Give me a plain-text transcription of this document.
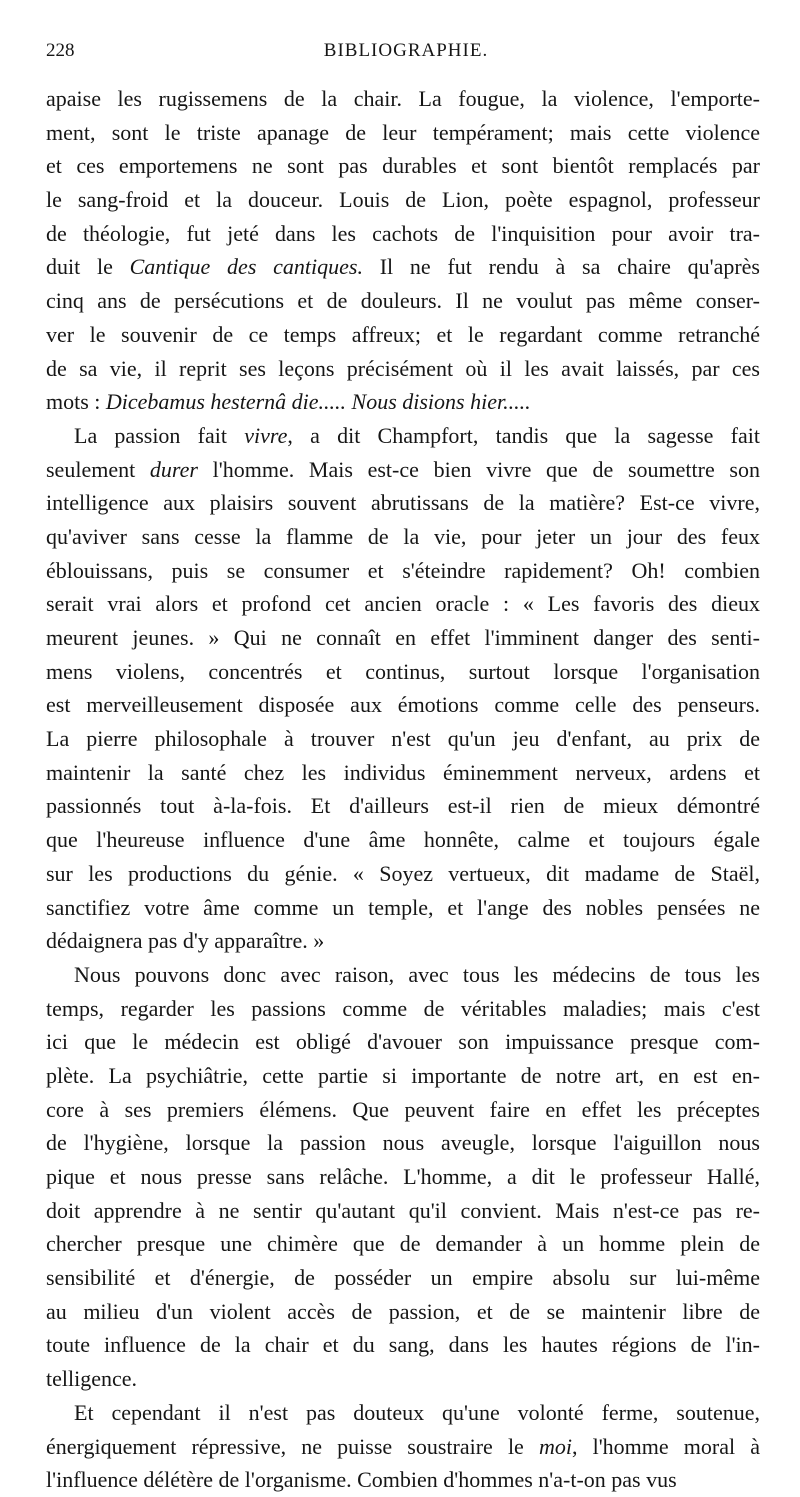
228	BIBLIOGRAPHIE.
apaise les rugissemens de la chair. La fougue, la violence, l'emporte-
ment, sont le triste apanage de leur tempérament; mais cette violence
et ces emportemens ne sont pas durables et sont bientôt remplacés par
le sang-froid et la douceur. Louis de Lion, poète espagnol, professeur
de théologie, fut jeté dans les cachots de l'inquisition pour avoir tra-
duit le Cantique des cantiques. Il ne fut rendu à sa chaire qu'après
cinq ans de persécutions et de douleurs. Il ne voulut pas même conser-
ver le souvenir de ce temps affreux; et le regardant comme retranché
de sa vie, il reprit ses leçons précisément où il les avait laissés, par ces
mots : Dicebamus hesternâ die..... Nous disions hier.....
La passion fait vivre, a dit Champfort, tandis que la sagesse fait
seulement durer l'homme. Mais est-ce bien vivre que de soumettre son
intelligence aux plaisirs souvent abrutissans de la matière? Est-ce vivre,
qu'aviver sans cesse la flamme de la vie, pour jeter un jour des feux
éblouissans, puis se consumer et s'éteindre rapidement? Oh! combien
serait vrai alors et profond cet ancien oracle : « Les favoris des dieux
meurent jeunes. » Qui ne connaît en effet l'imminent danger des senti-
mens violens, concentrés et continus, surtout lorsque l'organisation
est merveilleusement disposée aux émotions comme celle des penseurs.
La pierre philosophale à trouver n'est qu'un jeu d'enfant, au prix de
maintenir la santé chez les individus éminemment nerveux, ardens et
passionnés tout à-la-fois. Et d'ailleurs est-il rien de mieux démontré
que l'heureuse influence d'une âme honnête, calme et toujours égale
sur les productions du génie. « Soyez vertueux, dit madame de Staël,
sanctifiez votre âme comme un temple, et l'ange des nobles pensées ne
dédaignera pas d'y apparaître. »
Nous pouvons donc avec raison, avec tous les médecins de tous les
temps, regarder les passions comme de véritables maladies; mais c'est
ici que le médecin est obligé d'avouer son impuissance presque com-
plète. La psychiâtrie, cette partie si importante de notre art, en est en-
core à ses premiers élémens. Que peuvent faire en effet les préceptes
de l'hygiène, lorsque la passion nous aveugle, lorsque l'aiguillon nous
pique et nous presse sans relâche. L'homme, a dit le professeur Hallé,
doit apprendre à ne sentir qu'autant qu'il convient. Mais n'est-ce pas re-
chercher presque une chimère que de demander à un homme plein de
sensibilité et d'énergie, de posséder un empire absolu sur lui-même
au milieu d'un violent accès de passion, et de se maintenir libre de
toute influence de la chair et du sang, dans les hautes régions de l'in-
telligence.
Et cependant il n'est pas douteux qu'une volonté ferme, soutenue,
énergiquement répressive, ne puisse soustraire le moi, l'homme moral à
l'influence délétère de l'organisme. Combien d'hommes n'a-t-on pas vus
